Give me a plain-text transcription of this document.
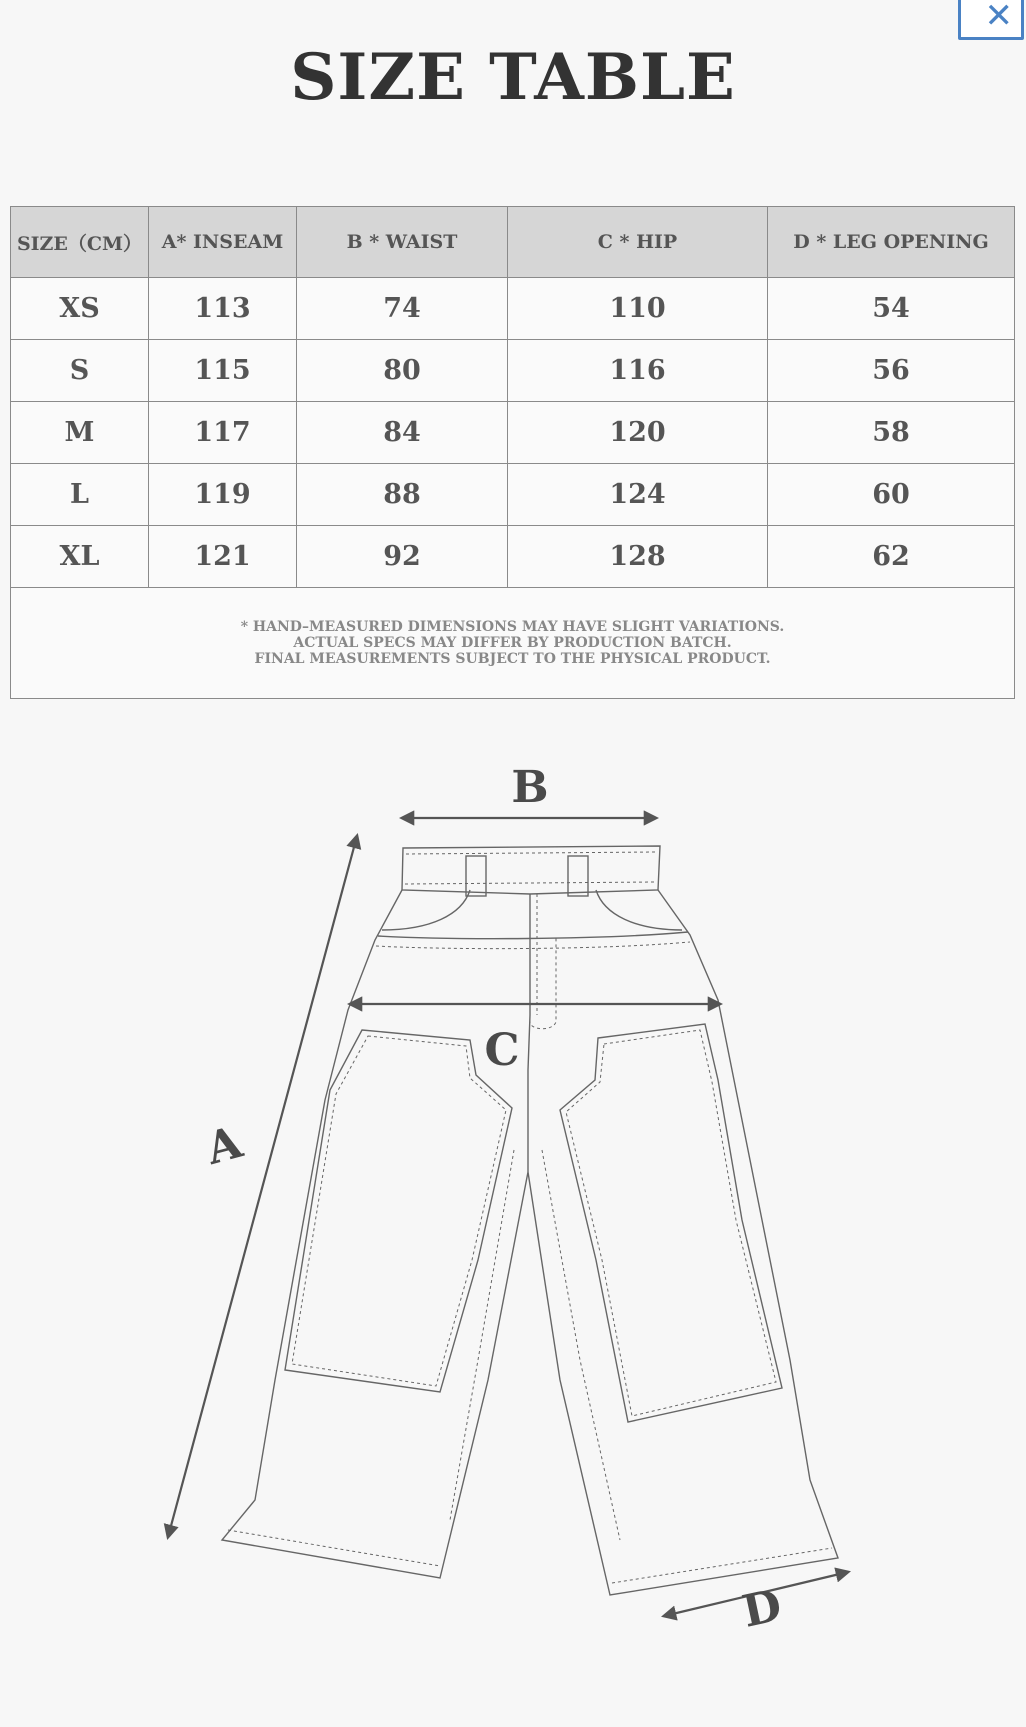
✕
SIZE TABLE
SIZE（CM）	A* INSEAM	B * WAIST	C * HIP	D * LEG OPENING
XS	113	74	110	54
S	115	80	116	56
M	117	84	120	58
L	119	88	124	60
XL	121	92	128	62

* HAND–MEASURED DIMENSIONS MAY HAVE SLIGHT VARIATIONS.
ACTUAL SPECS MAY DIFFER BY PRODUCTION BATCH.
FINAL MEASUREMENTS SUBJECT TO THE PHYSICAL PRODUCT.				
B
C
A
D
